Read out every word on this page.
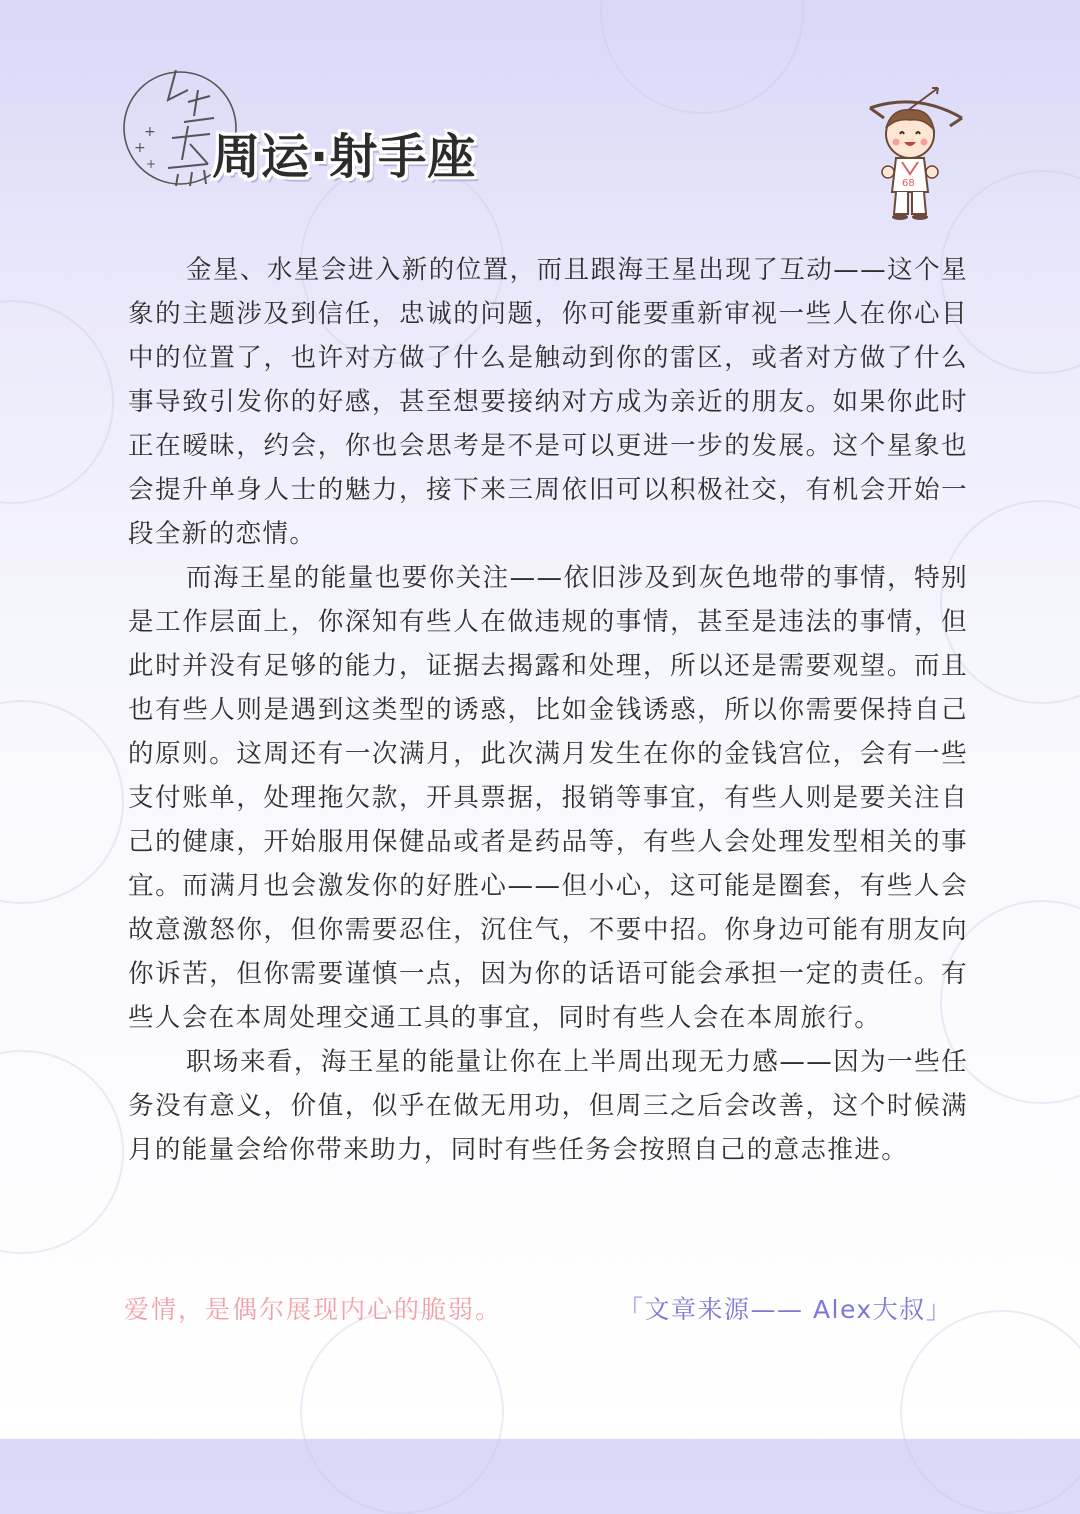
+
+
+ 周运·射手座	68

金星、水星会进入新的位置，而且跟海王星出现了互动——这个星象的主题涉及到信任，忠诚的问题，你可能要重新审视一些人在你心目中的位置了，也许对方做了什么是触动到你的雷区，或者对方做了什么事导致引发你的好感，甚至想要接纳对方成为亲近的朋友。如果你此时正在暧昧，约会，你也会思考是不是可以更进一步的发展。这个星象也会提升单身人士的魅力，接下来三周依旧可以积极社交，有机会开始一段全新的恋情。

而海王星的能量也要你关注——依旧涉及到灰色地带的事情，特别是工作层面上，你深知有些人在做违规的事情，甚至是违法的事情，但此时并没有足够的能力，证据去揭露和处理，所以还是需要观望。而且也有些人则是遇到这类型的诱惑，比如金钱诱惑，所以你需要保持自己的原则。这周还有一次满月，此次满月发生在你的金钱宫位，会有一些支付账单，处理拖欠款，开具票据，报销等事宜，有些人则是要关注自己的健康，开始服用保健品或者是药品等，有些人会处理发型相关的事宜。而满月也会激发你的好胜心——但小心，这可能是圈套，有些人会故意激怒你，但你需要忍住，沉住气，不要中招。你身边可能有朋友向你诉苦，但你需要谨慎一点，因为你的话语可能会承担一定的责任。有些人会在本周处理交通工具的事宜，同时有些人会在本周旅行。

职场来看，海王星的能量让你在上半周出现无力感——因为一些任务没有意义，价值，似乎在做无用功，但周三之后会改善，这个时候满月的能量会给你带来助力，同时有些任务会按照自己的意志推进。

爱情，是偶尔展现内心的脆弱。	「文章来源—— Alex大叔」
